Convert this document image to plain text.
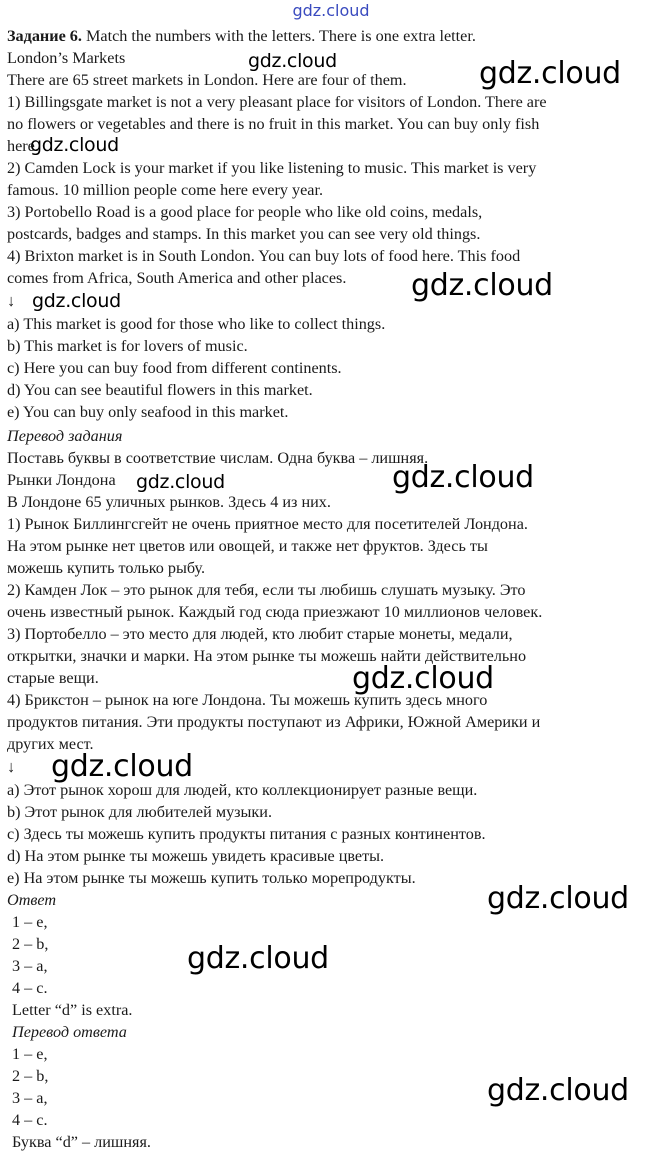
gdz.cloud
Задание 6. Match the numbers with the letters. There is one extra letter.
London’s Markets
There are 65 street markets in London. Here are four of them.
1) Billingsgate market is not a very pleasant place for visitors of London. There are
no flowers or vegetables and there is no fruit in this market. You can buy only fish
here.
2) Camden Lock is your market if you like listening to music. This market is very
famous. 10 million people come here every year.
3) Portobello Road is a good place for people who like old coins, medals,
postcards, badges and stamps. In this market you can see very old things.
4) Brixton market is in South London. You can buy lots of food here. This food
comes from Africa, South America and other places.
↓
a) This market is good for those who like to collect things.
b) This market is for lovers of music.
c) Here you can buy food from different continents.
d) You can see beautiful flowers in this market.
e) You can buy only seafood in this market.
Перевод задания
Поставь буквы в соответствие числам. Одна буква – лишняя.
Рынки Лондона
В Лондоне 65 уличных рынков. Здесь 4 из них.
1) Рынок Биллингсгейт не очень приятное место для посетителей Лондона.
На этом рынке нет цветов или овощей, и также нет фруктов. Здесь ты
можешь купить только рыбу.
2) Камден Лок – это рынок для тебя, если ты любишь слушать музыку. Это
очень известный рынок. Каждый год сюда приезжают 10 миллионов человек.
3) Портобелло – это место для людей, кто любит старые монеты, медали,
открытки, значки и марки. На этом рынке ты можешь найти действительно
старые вещи.
4) Брикстон – рынок на юге Лондона. Ты можешь купить здесь много
продуктов питания. Эти продукты поступают из Африки, Южной Америки и
других мест.
↓
a) Этот рынок хорош для людей, кто коллекционирует разные вещи.
b) Этот рынок для любителей музыки.
c) Здесь ты можешь купить продукты питания с разных континентов.
d) На этом рынке ты можешь увидеть красивые цветы.
e) На этом рынке ты можешь купить только морепродукты.
Ответ
1 – e,
2 – b,
3 – a,
4 – c.
Letter “d” is extra.
Перевод ответа
1 – e,
2 – b,
3 – a,
4 – c.
Буква “d” – лишняя.
gdz.cloud	gdz.cloud
gdz.cloud
gdz.cloud
gdz.cloud
gdz.cloud	gdz.cloud
gdz.cloud
gdz.cloud
gdz.cloud
gdz.cloud
gdz.cloud
